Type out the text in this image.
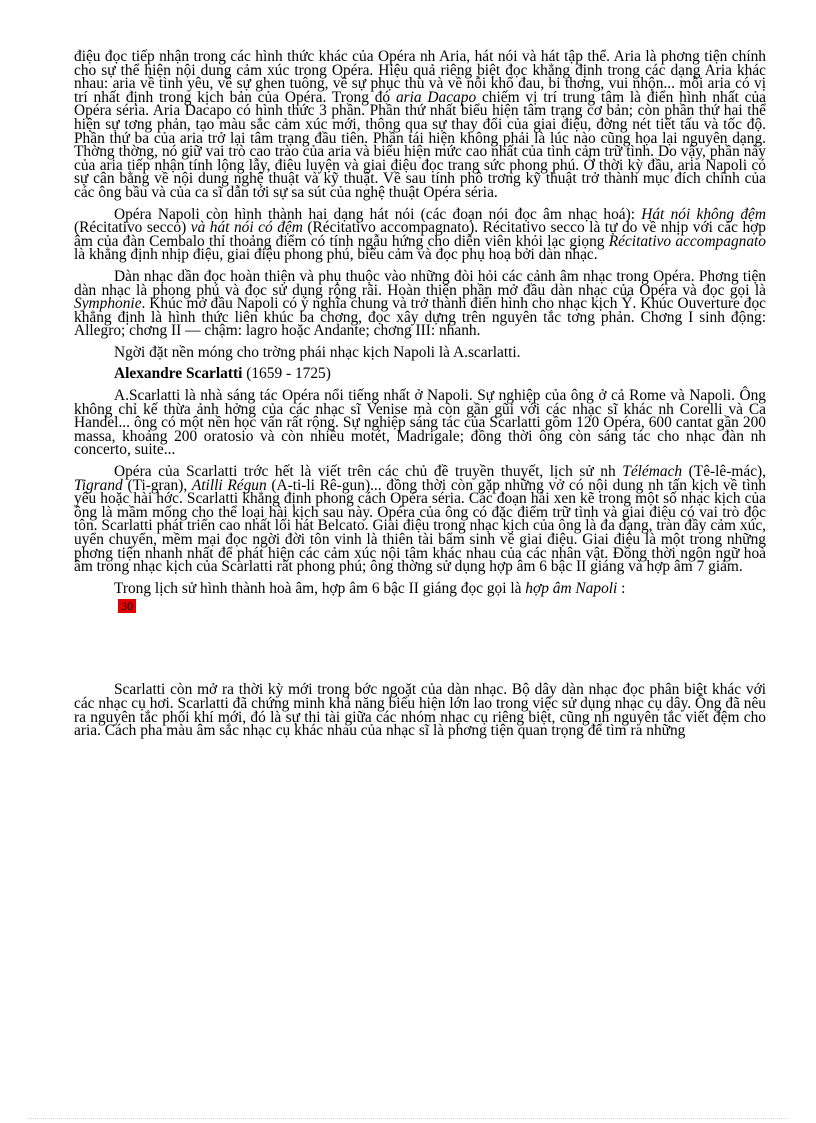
điệu đọc tiếp nhận trong các hình thức khác của Opéra nh Aria, hát nói và hát tập thể. Aria là phơng tiện chính cho sự thể hiện nội dung cảm xúc trong Opéra. Hiệu quả riêng biệt đọc khẳng định trong các dạng Aria khác nhau: aria về tình yêu, về sự ghen tuông, về sự phục thù và về nỗi khổ đau, bi thơng, vui nhộn... mỗi aria có vị trí nhất định trong kịch bản của Opéra. Trong đó aria Dacapo chiếm vị trí trung tâm là điển hình nhất của Opéra séria. Aria Dacapo có hình thức 3 phần. Phần thứ nhất biểu hiện tâm trạng cơ bản; còn phần thứ hai thể hiện sự tơng phản, tạo màu sắc cảm xúc mới, thông qua sự thay đổi của giai điệu, đờng nét tiết tấu và tốc độ. Phần thứ ba của aria trở lại tâm trạng đầu tiên. Phần tái hiện không phải là lúc nào cũng họa lại nguyên dạng. Thờng thờng, nó giữ vai trò cao trào của aria và biểu hiện mức cao nhất của tình cảm trữ tình. Do vậy, phần này của aria tiếp nhận tính lộng lẫy, điêu luyện và giai điệu đọc trang sức phong phú. Ở thời kỳ đầu, aria Napoli có sự cân bằng về nội dung nghệ thuật và kỹ thuật. Về sau tính phô trơng kỹ thuật trở thành mục đích chính của các ông bầu và của ca sĩ dẫn tới sự sa sút của nghệ thuật Opéra séria.

Opéra Napoli còn hình thành hai dạng hát nói (các đoạn nói đọc âm nhạc hoá): Hát nói không đệm (Récitativo secco) và hát nói có đệm (Récitativo accompagnato). Récitativo secco là tự do về nhịp với các hợp âm của đàn Cembalo thỉ thoảng điểm có tính ngẫu hứng cho diễn viên khỏi lạc giọng Récitativo accompagnato là khẳng định nhịp điệu, giai điệu phong phú, biểu cảm và đọc phụ hoạ bởi dàn nhạc.

Dàn nhạc dần đọc hoàn thiện và phụ thuộc vào những đòi hỏi các cảnh âm nhạc trong Opéra. Phơng tiện dàn nhạc là phong phú và đọc sử dụng rộng rãi. Hoàn thiện phần mở đầu dàn nhạc của Opéra và đọc gọi là Symphonie. Khúc mở đầu Napoli có ý nghĩa chung và trở thành điển hình cho nhạc kịch Ý. Khúc Ouverture đọc khẳng định là hình thức liên khúc ba chơng, đọc xây dựng trên nguyên tắc tơng phản. Chơng I sinh động: Allegro; chơng II — chậm: lagro hoặc Andante; chơng III: nhanh.

Ngời đặt nền móng cho trờng phái nhạc kịch Napoli là A.scarlatti.

Alexandre Scarlatti (1659 - 1725)

A.Scarlatti là nhà sáng tác Opéra nổi tiếng nhất ở Napoli. Sự nghiệp của ông ở cả Rome và Napoli. Ông không chỉ kế thừa ảnh hởng của các nhạc sĩ Venise mà còn gần gũi với các nhạc sĩ khác nh Corelli và Ca Handel... ông có một nền học vấn rất rộng. Sự nghiệp sáng tác của Scarlatti gồm 120 Opéra, 600 cantat gần 200 massa, khoảng 200 oratosio và còn nhiều motét, Madrigale; đồng thời ông còn sáng tác cho nhạc đàn nh concerto, suite...

Opéra của Scarlatti trớc hết là viết trên các chủ đề truyền thuyết, lịch sử nh Télémach (Tê-lê-mác), Tigrand (Ti-gran), Atilli Régun (A-ti-li Rê-gun)... đồng thời còn gặp những vở có nội dung nh tấn kịch về tình yêu hoặc hài hớc. Scarlatti khẳng định phong cách Opéra séria. Các đoạn hài xen kẽ trong một số nhạc kịch của ông là mầm mống cho thể loại hài kịch sau này. Opéra của ông có đặc điểm trữ tình và giai điệu có vai trò độc tôn. Scarlatti phát triển cao nhất lối hát Belcato. Giai điệu trong nhạc kịch của ông là đa dạng, tràn đầy cảm xúc, uyển chuyển, mềm mại đọc ngời đời tôn vinh là thiên tài bẩm sinh về giai điệu. Giai điệu là một trong những phơng tiện nhanh nhất để phát hiện các cảm xúc nội tâm khác nhau của các nhân vật. Đồng thời ngôn ngữ hoà âm trong nhạc kịch của Scarlatti rất phong phú; ông thờng sử dụng hợp âm 6 bậc II giáng và hợp âm 7 giảm.

Trong lịch sử hình thành hoà âm, hợp âm 6 bậc II giáng đọc gọi là hợp âm Napoli :

30

Scarlatti còn mở ra thời kỳ mới trong bớc ngoặt của dàn nhạc. Bộ dây dàn nhạc đọc phân biệt khác với các nhạc cụ hơi. Scarlatti đã chứng minh khả năng biểu hiện lớn lao trong việc sử dụng nhạc cụ dây. Ông đã nêu ra nguyên tắc phối khí mới, đó là sự thi tài giữa các nhóm nhạc cụ riêng biệt, cũng nh nguyên tắc viết đệm cho aria. Cách pha màu âm sắc nhạc cụ khác nhau của nhạc sĩ là phơng tiện quan trọng để tìm ra những
